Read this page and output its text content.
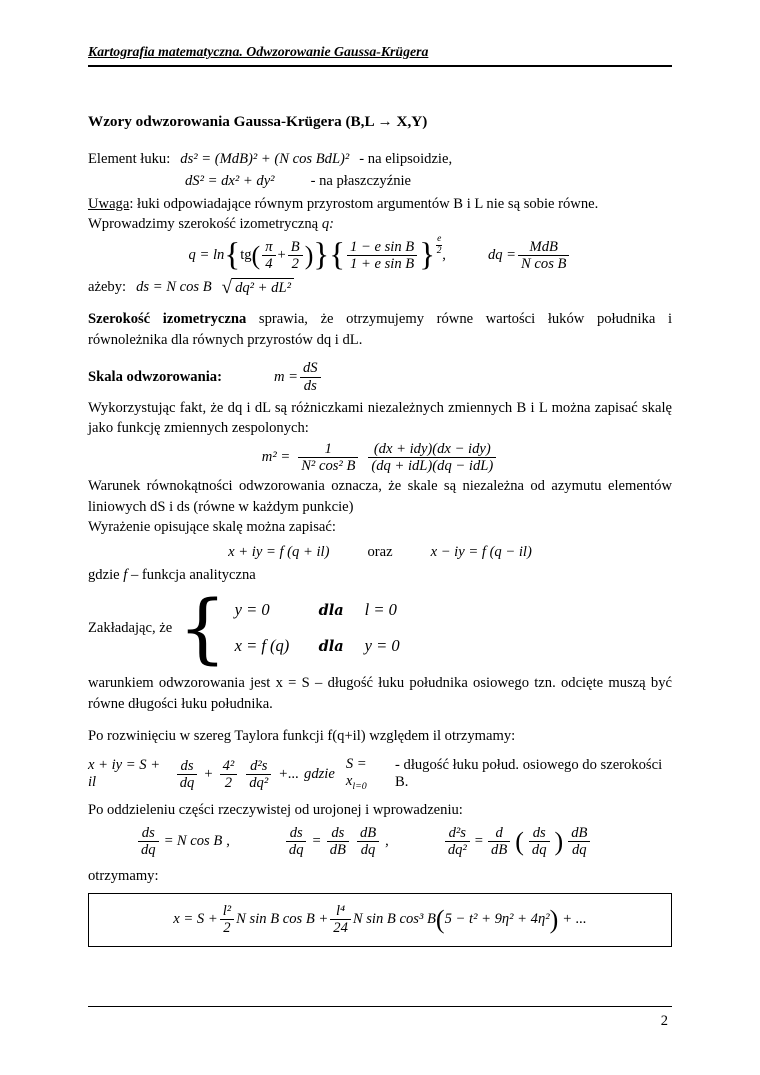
Kartografia matematyczna. Odwzorowanie Gaussa-Krügera
Wzory odwzorowania Gaussa-Krügera (B,L → X,Y)
Element łuku: ds² = (MdB)² + (N cos BdL)² - na elipsoidzie,
dS² = dx² + dy² - na płaszczyźnie

Uwaga: łuki odpowiadające równym przyrostom argumentów B i L nie są sobie równe.

Wprowadzimy szerokość izometryczną q:

q = ln { tg ( $\frac{\pi}{4} + \frac{B}{2}$ ) } { $\frac{\text{1 − e sin B}}{\text{1 + e sin B}}$ } e
2 ,	dq = $\frac{\text{MdB}}{\text{N cos B}}$
ażeby: ds = N cos B √ dq² + dL²

Szerokość izometryczna sprawia, że otrzymujemy równe wartości łuków południka i równoleżnika dla równych przyrostów dq i dL.

Skala odwzorowania:	$m = \frac{dS}{ds}$

Wykorzystując fakt, że dq i dL są różniczkami niezależnych zmiennych B i L można zapisać skalę jako funkcję zmiennych zespolonych:

$m^2 = \frac{1}{\text{N² cos² B}} \frac{\text{(dx + idy)(dx − idy)}}{\text{(dq + idL)(dq − idL)}}$

Warunek równokątności odwzorowania oznacza, że skale są niezależna od azymutu elementów liniowych dS i ds (równe w każdym punkcie)

Wyrażenie opisujące skalę można zapisać:

x + iy = f (q + il)	oraz	x − iy = f (q − il)

gdzie f – funkcja analityczna

Zakładając, że { y = 0	dla	l = 0
x = f (q)	dla	y = 0

warunkiem odwzorowania jest x = S – długość łuku południka osiowego tzn. odcięte muszą być równe długości łuku południka.

Po rozwinięciu w szereg Taylora funkcji f(q+il) względem il otrzymamy:

x + iy = S + il	$\frac{ds}{dq} + \frac{\text{4²}}{2} \frac{\text{d²s}}{\text{dq²}}$ +... gdzie
$S = x_{l=0}$
- długość łuku połud. osiowego do szerokości B.

Po oddzieleniu części rzeczywistej od urojonej i wprowadzeniu:

$\frac{ds}{dq} = N$ cos B ,	$\frac{ds}{dq} = \frac{ds}{dB} \frac{dB}{dq}$ ,	$\frac{\text{d²s}}{\text{dq²}} = \frac{d}{dB}$ ( $\frac{ds}{dq}$ ) $\frac{dB}{dq}$

otrzymamy:

$x = S + \frac{\text{l²}}{2}$ N sin B $\cos B + \frac{\text{l⁴}}{24}$ N sin B cos³ B ( 5 − t² + 9η² + 4η² ) + ...
2
